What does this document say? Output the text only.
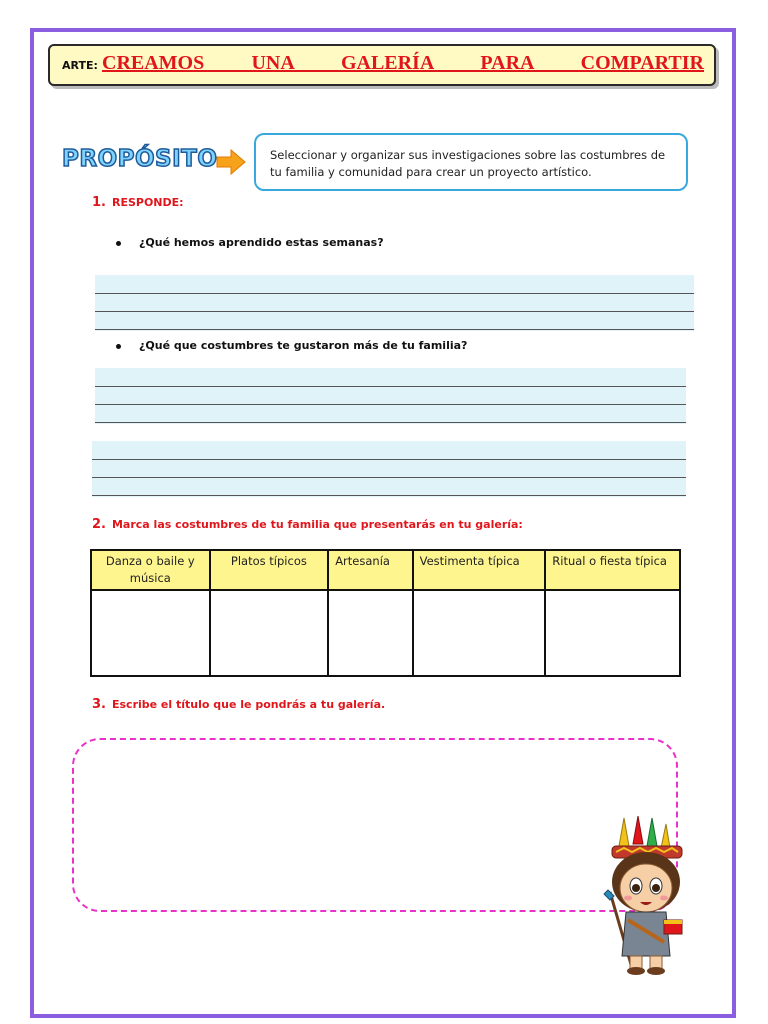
ARTE: CREAMOS UNA GALERÍA PARA COMPARTIR
PROPÓSITO	Seleccionar y organizar sus investigaciones sobre las costumbres de tu familia y comunidad para crear un proyecto artístico.
1. RESPONDE:
¿Qué hemos aprendido estas semanas?
¿Qué que costumbres te gustaron más de tu familia?
2. Marca las costumbres de tu familia que presentarás en tu galería:
Danza o baile y música	Platos típicos	Artesanía	Vestimenta típica	Ritual o fiesta típica

3. Escribe el título que le pondrás a tu galería.
